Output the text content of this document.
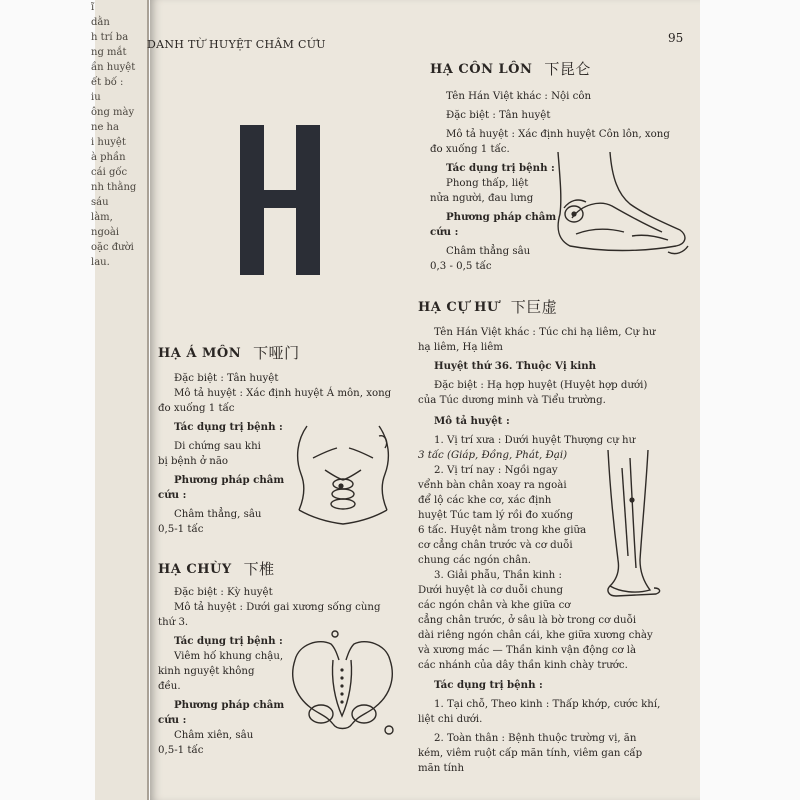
ĩ
dằn
h trí ba
ng mắt
ần huyệt
ết bố :
iu
ông mày
ne ha
i huyệt
à phần
cái gốc
nh thằng
sáu
làm,
ngoài
oặc đười
lau.
DANH TỪ HUYỆT CHÂM CỨU	95
HẠ Á MÔN 下哑门
Đặc biệt : Tân huyệt
Mô tả huyệt : Xác định huyệt Á môn, xong
đo xuống 1 tấc
Tác dụng trị bệnh :
Di chứng sau khi
bị bệnh ở não
Phương pháp châm
cứu :
Châm thẳng, sâu
0,5-1 tấc
HẠ CHÙY 下椎
Đặc biệt : Kỳ huyệt
Mô tả huyệt : Dưới gai xương sống cùng
thứ 3.
Tác dụng trị bệnh :
Viêm hố khung chậu,
kinh nguyệt không
đều.
Phương pháp châm
cứu :
Châm xiên, sâu
0,5-1 tấc
HẠ CÔN LÔN 下昆仑
Tên Hán Việt khác : Nội côn
Đặc biệt : Tân huyệt
Mô tả huyệt : Xác định huyệt Côn lôn, xong
đo xuống 1 tấc.
Tác dụng trị bệnh :
Phong thấp, liệt
nửa người, đau lưng
Phương pháp châm
cứu :
Châm thẳng sâu
0,3 - 0,5 tấc
HẠ CỰ HƯ 下巨虚
Tên Hán Việt khác : Túc chi hạ liêm, Cự hư
hạ liêm, Hạ liêm
Huyệt thứ 36. Thuộc Vị kinh
Đặc biệt : Hạ hợp huyệt (Huyệt hợp dưới)
của Túc dương minh và Tiểu trường.
Mô tả huyệt :
1. Vị trí xưa : Dưới huyệt Thượng cự hư
3 tấc (Giáp, Đồng, Phát, Đại)
2. Vị trí nay : Ngồi ngay
vểnh bàn chân xoay ra ngoài
để lộ các khe cơ, xác định
huyệt Túc tam lý rồi đo xuống
6 tấc. Huyệt nằm trong khe giữa
cơ cẳng chân trước và cơ duỗi
chung các ngón chân.
3. Giải phẫu, Thần kinh :
Dưới huyệt là cơ duỗi chung
các ngón chân và khe giữa cơ
cẳng chân trước, ở sâu là bờ trong cơ duỗi
dài riêng ngón chân cái, khe giữa xương chày
và xương mác — Thần kinh vận động cơ là
các nhánh của dây thần kinh chày trước.
Tác dụng trị bệnh :
1. Tại chỗ, Theo kinh : Thấp khớp, cước khí,
liệt chi dưới.
2. Toàn thân : Bệnh thuộc trường vị, ăn
kém, viêm ruột cấp mãn tính, viêm gan cấp
mãn tính
